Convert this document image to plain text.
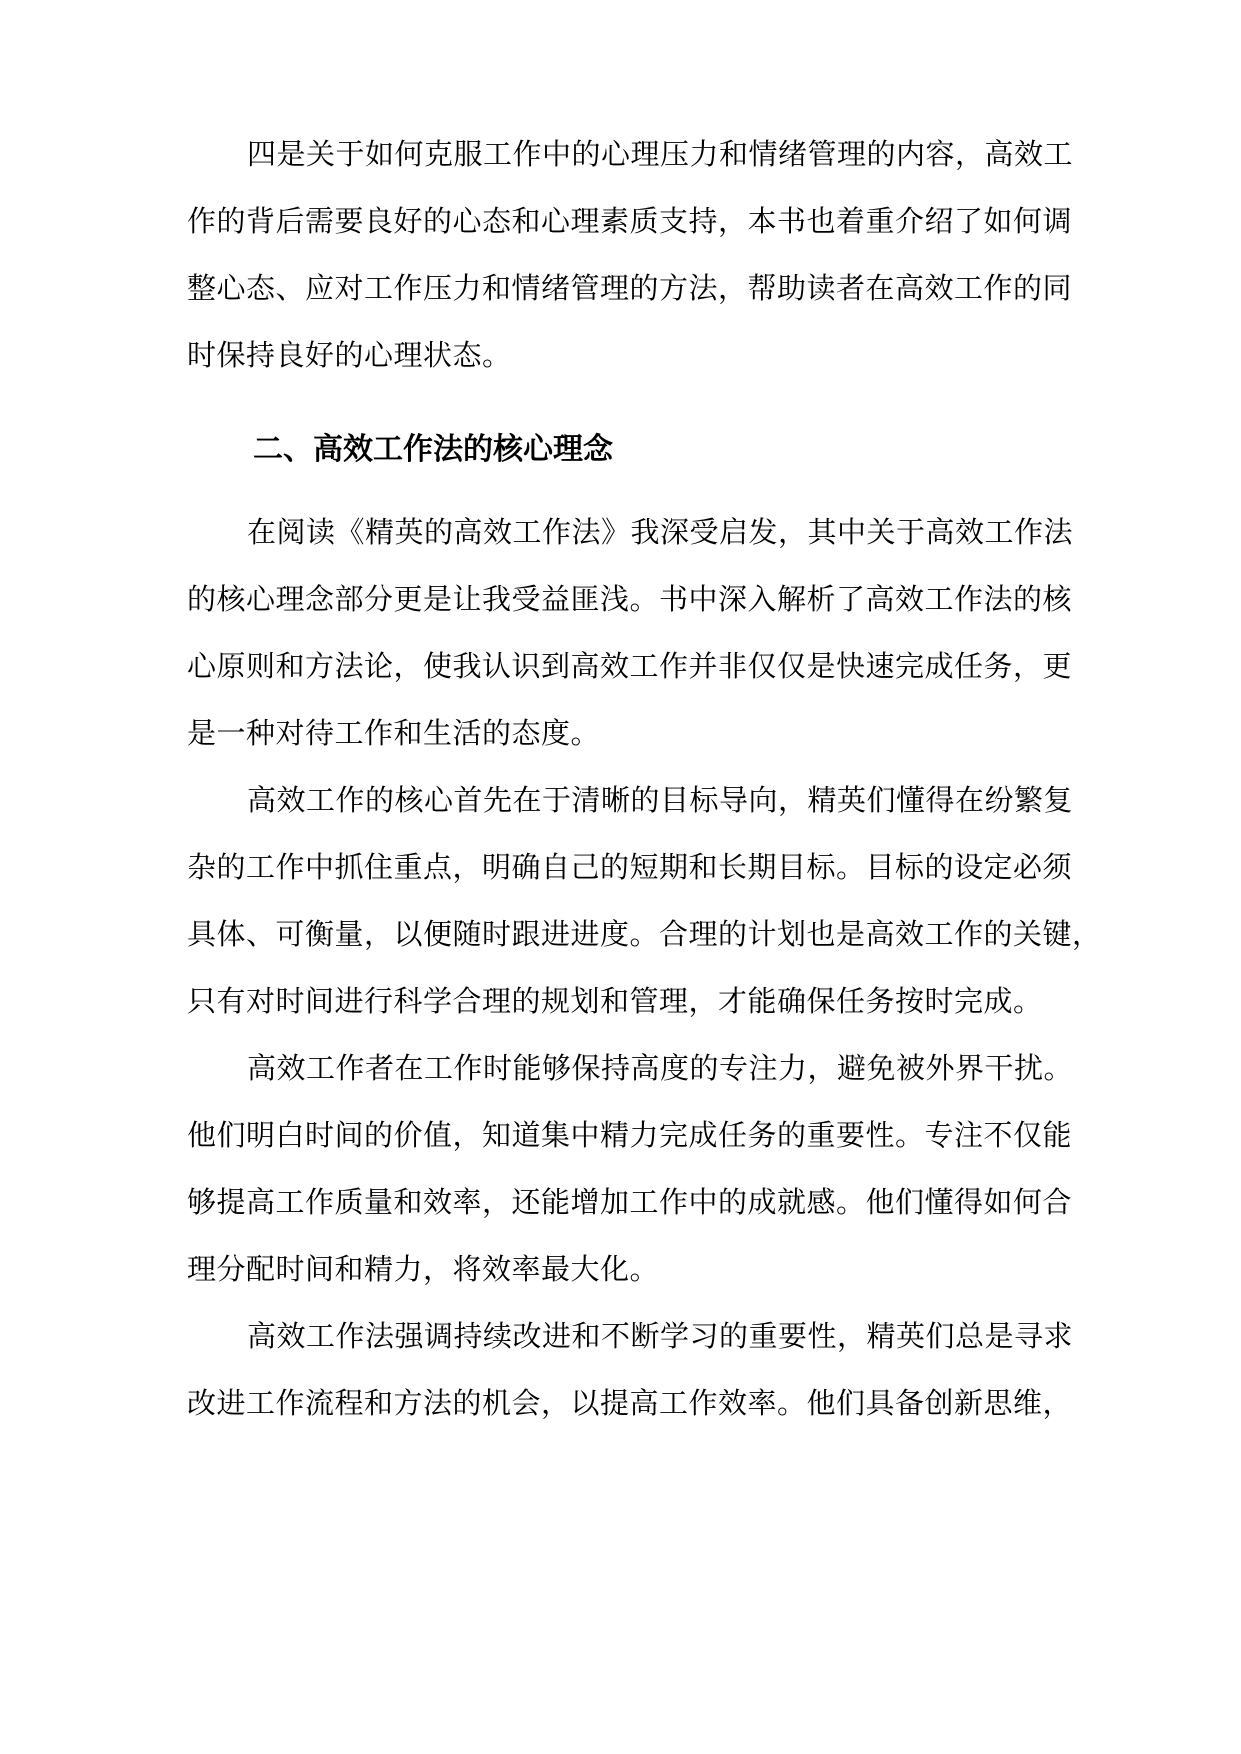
四是关于如何克服工作中的心理压力和情绪管理的内容，高效工
作的背后需要良好的心态和心理素质支持，本书也着重介绍了如何调
整心态、应对工作压力和情绪管理的方法，帮助读者在高效工作的同
时保持良好的心理状态。
二、高效工作法的核心理念
在阅读《精英的高效工作法》我深受启发，其中关于高效工作法
的核心理念部分更是让我受益匪浅。书中深入解析了高效工作法的核
心原则和方法论，使我认识到高效工作并非仅仅是快速完成任务，更
是一种对待工作和生活的态度。
高效工作的核心首先在于清晰的目标导向，精英们懂得在纷繁复
杂的工作中抓住重点，明确自己的短期和长期目标。目标的设定必须
具体、可衡量，以便随时跟进进度。合理的计划也是高效工作的关键，
只有对时间进行科学合理的规划和管理，才能确保任务按时完成。
高效工作者在工作时能够保持高度的专注力，避免被外界干扰。
他们明白时间的价值，知道集中精力完成任务的重要性。专注不仅能
够提高工作质量和效率，还能增加工作中的成就感。他们懂得如何合
理分配时间和精力，将效率最大化。
高效工作法强调持续改进和不断学习的重要性，精英们总是寻求
改进工作流程和方法的机会，以提高工作效率。他们具备创新思维，
